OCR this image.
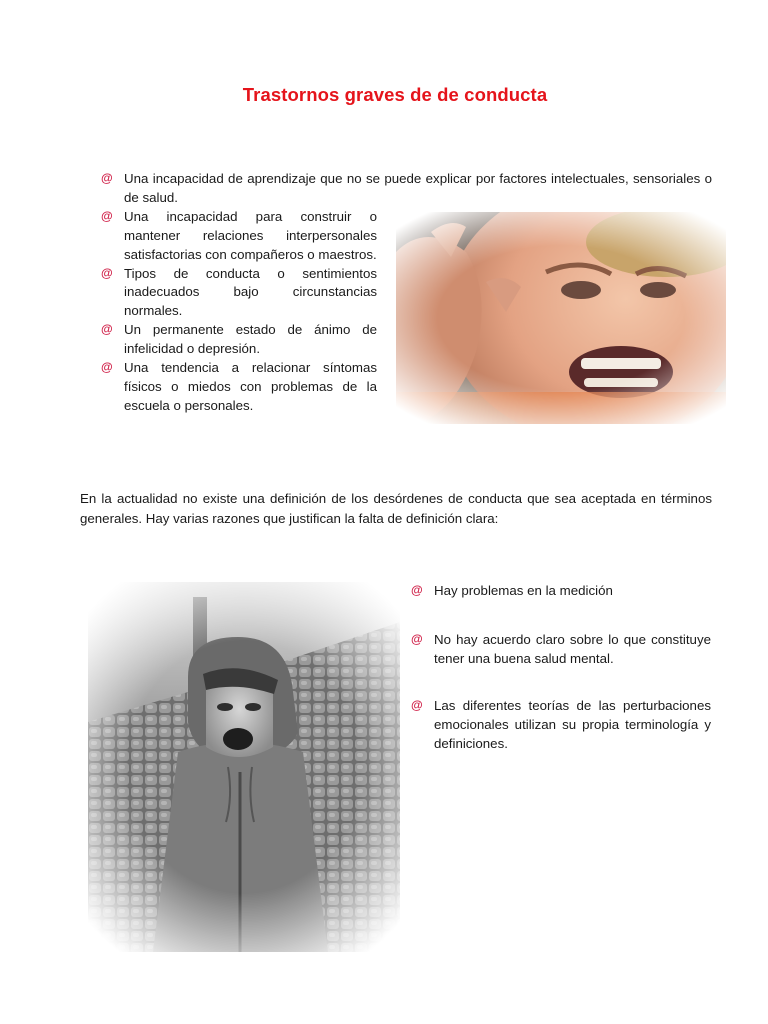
Trastornos graves de de conducta
@ Una incapacidad de aprendizaje que no se puede explicar por factores intelectuales, sensoriales o de salud.
@ Una incapacidad para construir o mantener relaciones interpersonales satisfactorias con compañeros o maestros.
@ Tipos de conducta o sentimientos inadecuados bajo circunstancias normales.
@ Un permanente estado de ánimo de infelicidad o depresión.
@ Una tendencia a relacionar síntomas físicos o miedos con problemas de la escuela o personales.
En la actualidad no existe una definición de los desórdenes de conducta que sea aceptada en términos generales. Hay varias razones que justifican la falta de definición clara:
@ Hay problemas en la medición
@ No hay acuerdo claro sobre lo que constituye tener una buena salud mental.
@ Las diferentes teorías de las perturbaciones emocionales utilizan su propia terminología y definiciones.
